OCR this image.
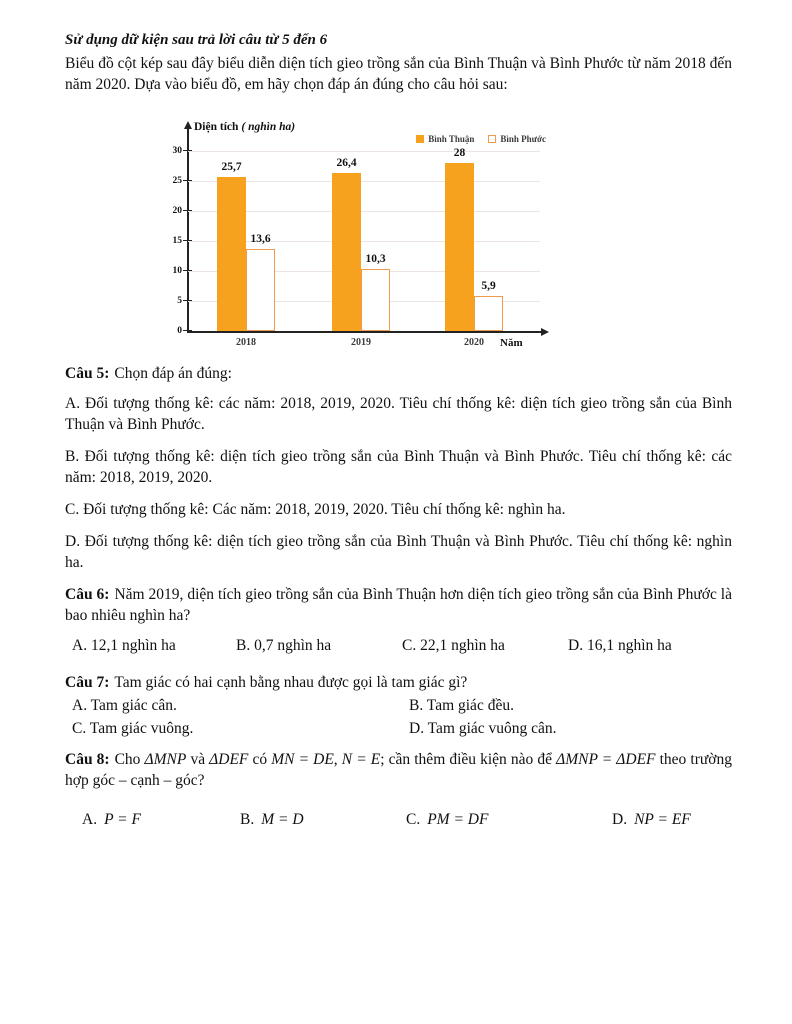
Sử dụng dữ kiện sau trả lời câu từ 5 đến 6

Biểu đồ cột kép sau đây biểu diễn diện tích gieo trồng sắn của Bình Thuận và Bình Phước từ năm 2018 đến năm 2020. Dựa vào biểu đồ, em hãy chọn đáp án đúng cho câu hỏi sau:

Diện tích ( nghìn ha)
Năm
Bình Thuận	Bình Phước
0
5
10
15
20
25
30
25,7
13,6
2018
26,4
10,3
2019
28
5,9
2020

Câu 5: Chọn đáp án đúng:

A. Đối tượng thống kê: các năm: 2018, 2019, 2020. Tiêu chí thống kê: diện tích gieo trồng sắn của Bình Thuận và Bình Phước.

B. Đối tượng thống kê: diện tích gieo trồng sắn của Bình Thuận và Bình Phước. Tiêu chí thống kê: các năm: 2018, 2019, 2020.

C. Đối tượng thống kê: Các năm: 2018, 2019, 2020. Tiêu chí thống kê: nghìn ha.

D. Đối tượng thống kê: diện tích gieo trồng sắn của Bình Thuận và Bình Phước. Tiêu chí thống kê: nghìn ha.

Câu 6: Năm 2019, diện tích gieo trồng sắn của Bình Thuận hơn diện tích gieo trồng sắn của Bình Phước là bao nhiêu nghìn ha?

A. 12,1 nghìn ha	B. 0,7 nghìn ha	C. 22,1 nghìn ha	D. 16,1 nghìn ha

Câu 7: Tam giác có hai cạnh bằng nhau được gọi là tam giác gì?

A. Tam giác cân.	B. Tam giác đều.
C. Tam giác vuông.	D. Tam giác vuông cân.

Câu 8: Cho ΔMNP và ΔDEF có MN = DE, N = E; cần thêm điều kiện nào để ΔMNP = ΔDEF theo trường hợp góc – cạnh – góc?

A. P = F	B. M = D	C. PM = DF	D. NP = EF
